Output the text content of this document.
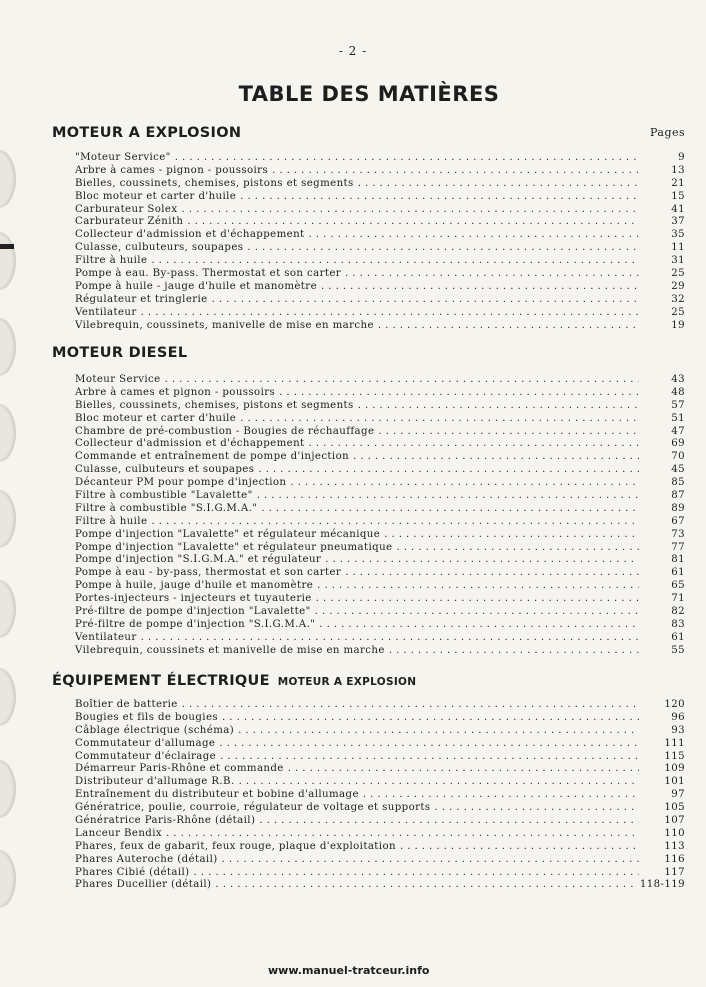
- 2 -
TABLE DES MATIÈRES
Pages
MOTEUR A EXPLOSION
"Moteur Service" . . .	9
Arbre à cames - pignon - poussoirs . . .	13
Bielles, coussinets, chemises, pistons et segments . . .	21
Bloc moteur et carter d'huile . . .	15
Carburateur Solex . . .	41
Carburateur Zénith . . .	37
Collecteur d'admission et d'échappement . . .	35
Culasse, culbuteurs, soupapes . . .	11
Filtre à huile . . .	31
Pompe à eau. By-pass. Thermostat et son carter . . .	25
Pompe à huile - jauge d'huile et manomètre . . .	29
Régulateur et tringlerie . . .	32
Ventilateur . . .	25
Vilebrequin, coussinets, manivelle de mise en marche . . .	19
MOTEUR DIESEL
Moteur Service . . .	43
Arbre à cames et pignon - poussoirs . . .	48
Bielles, coussinets, chemises, pistons et segments . . .	57
Bloc moteur et carter d'huile . . .	51
Chambre de pré-combustion - Bougies de réchauffage . . .	47
Collecteur d'admission et d'échappement . . .	69
Commande et entraînement de pompe d'injection . . .	70
Culasse, culbuteurs et soupapes . . .	45
Décanteur PM pour pompe d'injection . . .	85
Filtre à combustible "Lavalette" . . .	87
Filtre à combustible "S.I.G.M.A." . . .	89
Filtre à huile . . .	67
Pompe d'injection "Lavalette" et régulateur mécanique . . .	73
Pompe d'injection "Lavalette" et régulateur pneumatique . . .	77
Pompe d'injection "S.I.G.M.A." et régulateur . . .	81
Pompe à eau - by-pass, thermostat et son carter . . .	61
Pompe à huile, jauge d'huile et manomètre . . .	65
Portes-injecteurs - injecteurs et tuyauterie . . .	71
Pré-filtre de pompe d'injection "Lavalette" . . .	82
Pré-filtre de pompe d'injection "S.I.G.M.A." . . .	83
Ventilateur . . .	61
Vilebrequin, coussinets et manivelle de mise en marche . . .	55
ÉQUIPEMENT ÉLECTRIQUE MOTEUR A EXPLOSION
Boîtier de batterie . . .	120
Bougies et fils de bougies . . .	96
Câblage électrique (schéma) . . .	93
Commutateur d'allumage . . .	111
Commutateur d'éclairage . . .	115
Démarreur Paris-Rhône et commande . . .	109
Distributeur d'allumage R.B. . . .	101
Entraînement du distributeur et bobine d'allumage . . .	97
Génératrice, poulie, courroie, régulateur de voltage et supports . . .	105
Génératrice Paris-Rhône (détail) . . .	107
Lanceur Bendix . . .	110
Phares, feux de gabarit, feux rouge, plaque d'exploitation . . .	113
Phares Auteroche (détail) . . .	116
Phares Cibié (détail) . . .	117
Phares Ducellier (détail) . . .	118-119
www.manuel-tratceur.info
